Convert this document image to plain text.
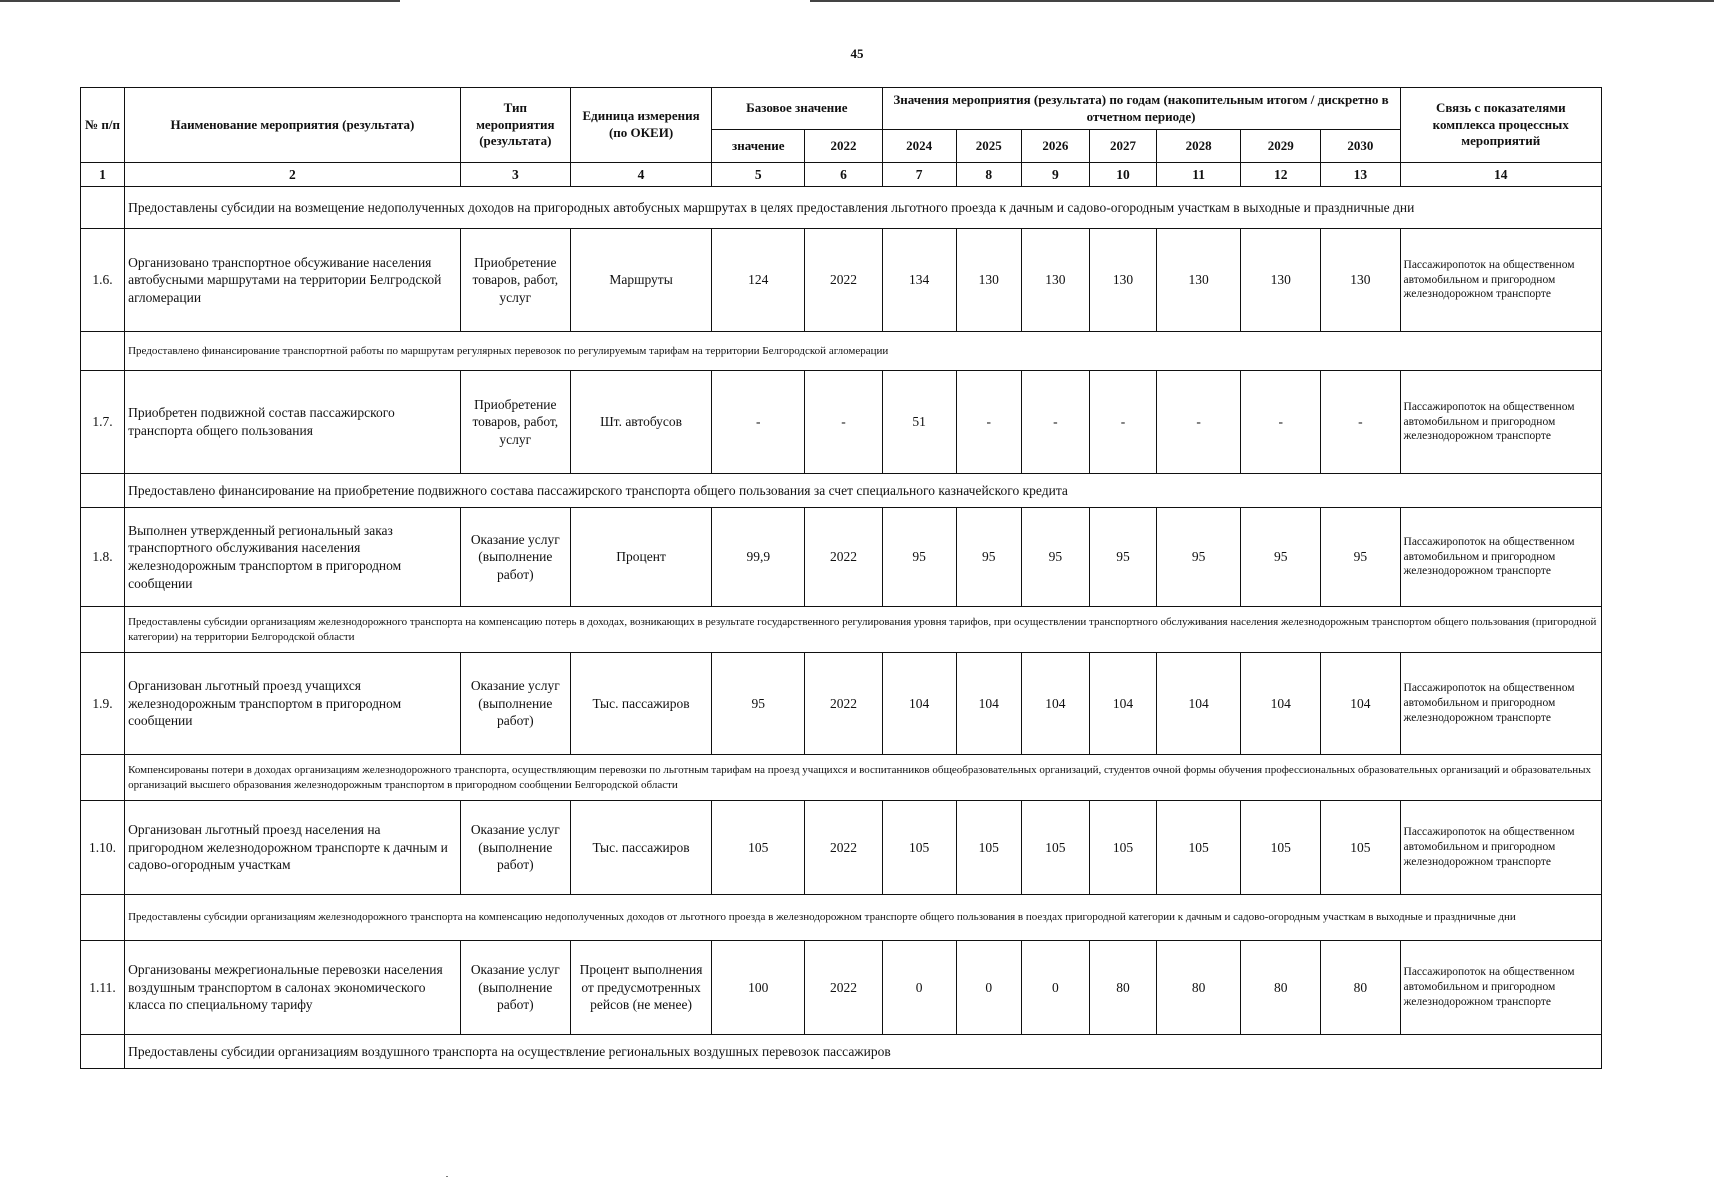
45
№ п/п	Наименование мероприятия (результата)	Тип мероприятия (результата)	Единица измерения (по ОКЕИ)	Базовое значение		Значения мероприятия (результата) по годам (накопительным итогом / дискретно в отчетном периоде)							Связь с показателями комплекса процессных мероприятий
				значение	2022	2024	2025	2026	2027	2028	2029	2030	
1	2	3	4	5	6	7	8	9	10	11	12	13	14
	Предоставлены субсидии на возмещение недополученных доходов на пригородных автобусных маршрутах в целях предоставления льготного проезда к дачным и садово-огородным участкам в выходные и праздничные дни												
1.6.	Организовано транспортное обсуживание населения автобусными маршрутами на территории Белгродской агломерации	Приобретение товаров, работ, услуг	Маршруты	124	2022	134	130	130	130	130	130	130	Пассажиропоток на общественном автомобильном и пригородном железнодорожном транспорте
	Предоставлено финансирование транспортной работы по маршрутам регулярных перевозок по регулируемым тарифам на территории Белгородской агломерации												
1.7.	Приобретен подвижной состав пассажирского транспорта общего пользования	Приобретение товаров, работ, услуг	Шт. автобусов	-	-	51	-	-	-	-	-	-	Пассажиропоток на общественном автомобильном и пригородном железнодорожном транспорте
	Предоставлено финансирование на приобретение подвижного состава пассажирского транспорта общего пользования за счет специального казначейского кредита												
1.8.	Выполнен утвержденный региональный заказ транспортного обслуживания населения железнодорожным транспортом в пригородном сообщении	Оказание услуг (выполнение работ)	Процент	99,9	2022	95	95	95	95	95	95	95	Пассажиропоток на общественном автомобильном и пригородном железнодорожном транспорте
	Предоставлены субсидии организациям железнодорожного транспорта на компенсацию потерь в доходах, возникающих в результате государственного регулирования уровня тарифов, при осуществлении транспортного обслуживания населения железнодорожным транспортом общего пользования (пригородной категории) на территории Белгородской области												
1.9.	Организован льготный проезд учащихся железнодорожным транспортом в пригородном сообщении	Оказание услуг (выполнение работ)	Тыс. пассажиров	95	2022	104	104	104	104	104	104	104	Пассажиропоток на общественном автомобильном и пригородном железнодорожном транспорте
	Компенсированы потери в доходах организациям железнодорожного транспорта, осуществляющим перевозки по льготным тарифам на проезд учащихся и воспитанников общеобразовательных организаций, студентов очной формы обучения профессиональных образовательных организаций и образовательных организаций высшего образования железнодорожным транспортом в пригородном сообщении Белгородской области												
1.10.	Организован льготный проезд населения на пригородном железнодорожном транспорте к дачным и садово-огородным участкам	Оказание услуг (выполнение работ)	Тыс. пассажиров	105	2022	105	105	105	105	105	105	105	Пассажиропоток на общественном автомобильном и пригородном железнодорожном транспорте
	Предоставлены субсидии организациям железнодорожного транспорта на компенсацию недополученных доходов от льготного проезда в железнодорожном транспорте общего пользования в поездах пригородной категории к дачным и садово-огородным участкам в выходные и праздничные дни												
1.11.	Организованы межрегиональные перевозки населения воздушным транспортом в салонах экономического класса по специальному тарифу	Оказание услуг (выполнение работ)	Процент выполнения от предусмотренных рейсов (не менее)	100	2022	0	0	0	80	80	80	80	Пассажиропоток на общественном автомобильном и пригородном железнодорожном транспорте
	Предоставлены субсидии организациям воздушного транспорта на осуществление региональных воздушных перевозок пассажиров												
